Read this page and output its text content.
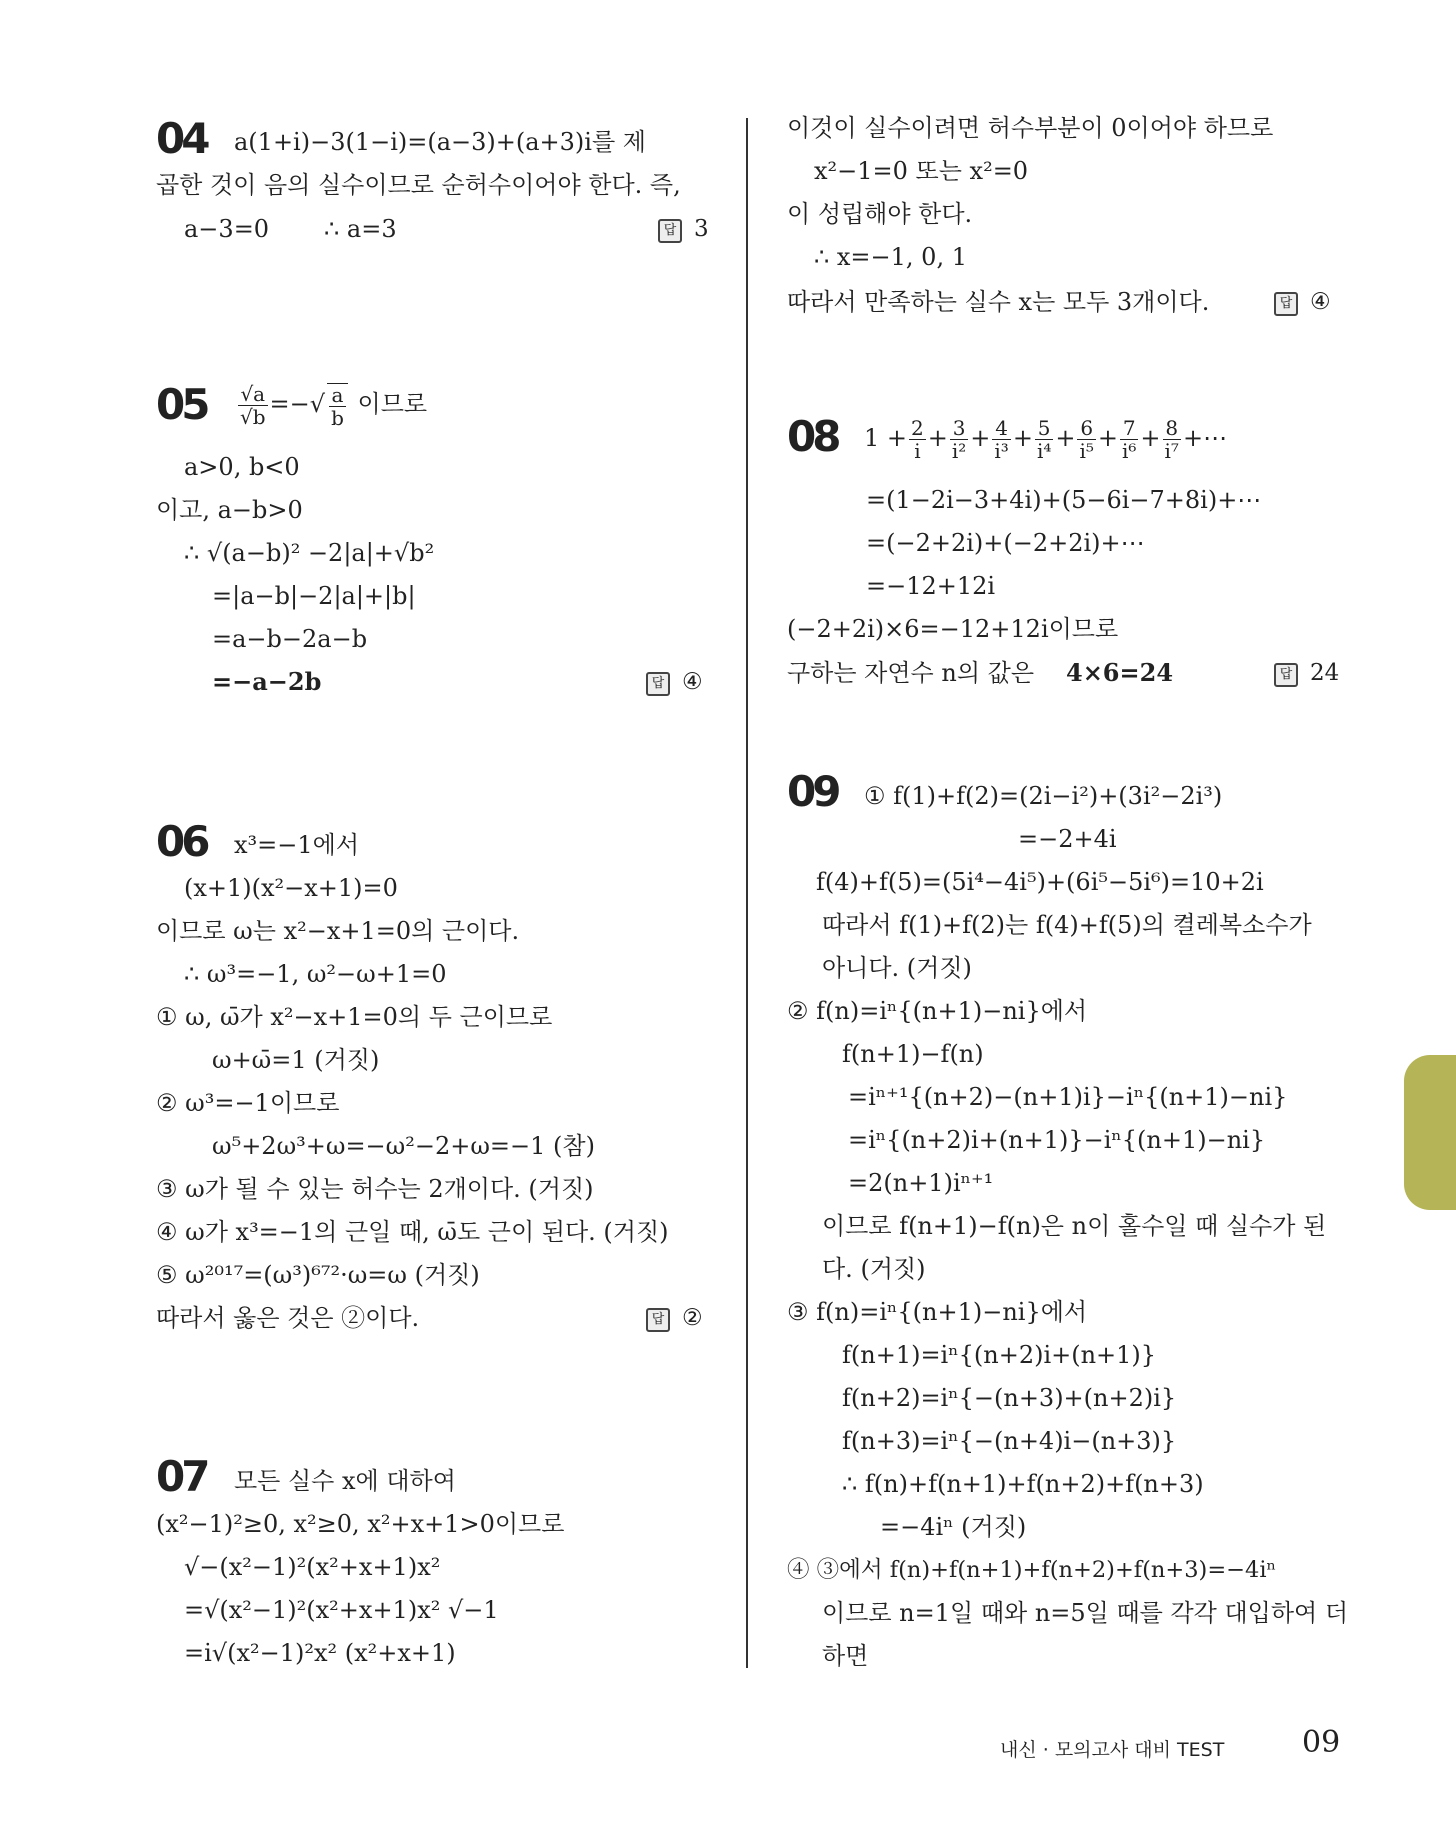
04 a(1+i)−3(1−i)=(a−3)+(a+3)i를 제
곱한 것이 음의 실수이므로 순허수이어야 한다. 즉,
a−3=0 ∴ a=3	답 3
$05 \frac{√a}{√b}$ =−√ $\frac{a}{b}$ 이므로
a>0, b<0
이고, a−b>0
∴ √(a−b)² −2|a|+√b²
=|a−b|−2|a|+|b|
=a−b−2a−b
=−a−2b	답 ④
06 x³=−1에서
(x+1)(x²−x+1)=0
이므로 ω는 x²−x+1=0의 근이다.
∴ ω³=−1, ω²−ω+1=0
① ω, ω̄가 x²−x+1=0의 두 근이므로
ω+ω̄=1 (거짓)
② ω³=−1이므로
ω⁵+2ω³+ω=−ω²−2+ω=−1 (참)
③ ω가 될 수 있는 허수는 2개이다. (거짓)
④ ω가 x³=−1의 근일 때, ω̄도 근이 된다. (거짓)
⑤ ω²⁰¹⁷=(ω³)⁶⁷²·ω=ω (거짓)
따라서 옳은 것은 ②이다.	답 ②
07 모든 실수 x에 대하여
(x²−1)²≥0, x²≥0, x²+x+1>0이므로
√−(x²−1)²(x²+x+1)x²
=√(x²−1)²(x²+x+1)x² √−1
=i√(x²−1)²x² (x²+x+1)
이것이 실수이려면 허수부분이 0이어야 하므로
x²−1=0 또는 x²=0
이 성립해야 한다.
∴ x=−1, 0, 1
따라서 만족하는 실수 x는 모두 3개이다.	답 ④
08 $1 + \frac{2}{i} + \frac{3}{\text{i²}} + \frac{4}{\text{i³}} + \frac{5}{\text{i⁴}} + \frac{6}{\text{i⁵}} + \frac{7}{\text{i⁶}} + \frac{8}{\text{i⁷}}$ +⋯
=(1−2i−3+4i)+(5−6i−7+8i)+⋯
=(−2+2i)+(−2+2i)+⋯
=−12+12i
(−2+2i)×6=−12+12i이므로
구하는 자연수 n의 값은 4×6=24	답 24
09 ① f(1)+f(2)=(2i−i²)+(3i²−2i³)
=−2+4i
f(4)+f(5)=(5i⁴−4i⁵)+(6i⁵−5i⁶)=10+2i
따라서 f(1)+f(2)는 f(4)+f(5)의 켤레복소수가
아니다. (거짓)
② f(n)=iⁿ{(n+1)−ni}에서
f(n+1)−f(n)
=iⁿ⁺¹{(n+2)−(n+1)i}−iⁿ{(n+1)−ni}
=iⁿ{(n+2)i+(n+1)}−iⁿ{(n+1)−ni}
=2(n+1)iⁿ⁺¹
이므로 f(n+1)−f(n)은 n이 홀수일 때 실수가 된
다. (거짓)
③ f(n)=iⁿ{(n+1)−ni}에서
f(n+1)=iⁿ{(n+2)i+(n+1)}
f(n+2)=iⁿ{−(n+3)+(n+2)i}
f(n+3)=iⁿ{−(n+4)i−(n+3)}
∴ f(n)+f(n+1)+f(n+2)+f(n+3)
=−4iⁿ (거짓)
④ ③에서 f(n)+f(n+1)+f(n+2)+f(n+3)=−4iⁿ
이므로 n=1일 때와 n=5일 때를 각각 대입하여 더
하면
내신 · 모의고사 대비 TEST	09
